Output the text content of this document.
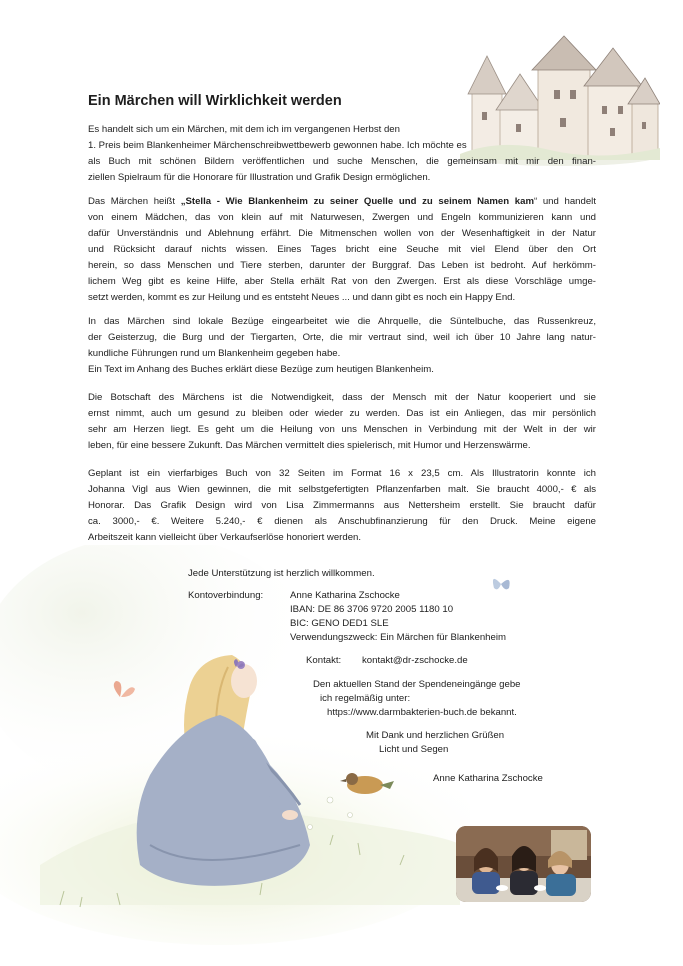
Ein Märchen will Wirklichkeit werden
Es handelt sich um ein Märchen, mit dem ich im vergangenen Herbst den
1. Preis beim Blankenheimer Märchenschreibwettbewerb gewonnen habe. Ich möchte es
als Buch mit schönen Bildern veröffentlichen und suche Menschen, die gemeinsam mit mir den finan-
ziellen Spielraum für die Honorare für Illustration und Grafik Design ermöglichen.
Das Märchen heißt „Stella - Wie Blankenheim zu seiner Quelle und zu seinem Namen kam“ und handelt
von einem Mädchen, das von klein auf mit Naturwesen, Zwergen und Engeln kommunizieren kann und
dafür Unverständnis und Ablehnung erfährt. Die Mitmenschen wollen von der Wesenhaftigkeit in der Natur
und Rücksicht darauf nichts wissen. Eines Tages bricht eine Seuche mit viel Elend über den Ort
herein, so dass Menschen und Tiere sterben, darunter der Burggraf. Das Leben ist bedroht. Auf herkömm-
lichem Weg gibt es keine Hilfe, aber Stella erhält Rat von den Zwergen. Erst als diese Vorschläge umge-
setzt werden, kommt es zur Heilung und es entsteht Neues ... und dann gibt es noch ein Happy End.
In das Märchen sind lokale Bezüge eingearbeitet wie die Ahrquelle, die Süntelbuche, das Russenkreuz,
der Geisterzug, die Burg und der Tiergarten, Orte, die mir vertraut sind, weil ich über 10 Jahre lang natur-
kundliche Führungen rund um Blankenheim gegeben habe.
Ein Text im Anhang des Buches erklärt diese Bezüge zum heutigen Blankenheim.
Die Botschaft des Märchens ist die Notwendigkeit, dass der Mensch mit der Natur kooperiert und sie
ernst nimmt, auch um gesund zu bleiben oder wieder zu werden. Das ist ein Anliegen, das mir persönlich
sehr am Herzen liegt. Es geht um die Heilung von uns Menschen in Verbindung mit der Welt in der wir
leben, für eine bessere Zukunft. Das Märchen vermittelt dies spielerisch, mit Humor und Herzenswärme.
Geplant ist ein vierfarbiges Buch von 32 Seiten im Format 16 x 23,5 cm. Als Illustratorin konnte ich
Johanna Vigl aus Wien gewinnen, die mit selbstgefertigten Pflanzenfarben malt. Sie braucht 4000,- € als
Honorar. Das Grafik Design wird von Lisa Zimmermanns aus Nettersheim erstellt. Sie braucht dafür
ca. 3000,- €. Weitere 5.240,- € dienen als Anschubfinanzierung für den Druck. Meine eigene
Arbeitszeit kann vielleicht über Verkaufserlöse honoriert werden.
Jede Unterstützung ist herzlich willkommen.
Kontoverbindung:	Anne Katharina Zschocke
IBAN: DE 86 3706 9720 2005 1180 10
BIC: GENO DED1 SLE
Verwendungszweck: Ein Märchen für Blankenheim
Kontakt: kontakt@dr-zschocke.de
Den aktuellen Stand der Spendeneingänge gebe
ich regelmäßig unter:
https://www.darmbakterien-buch.de bekannt.
Mit Dank und herzlichen Grüßen
Licht und Segen
Anne Katharina Zschocke
